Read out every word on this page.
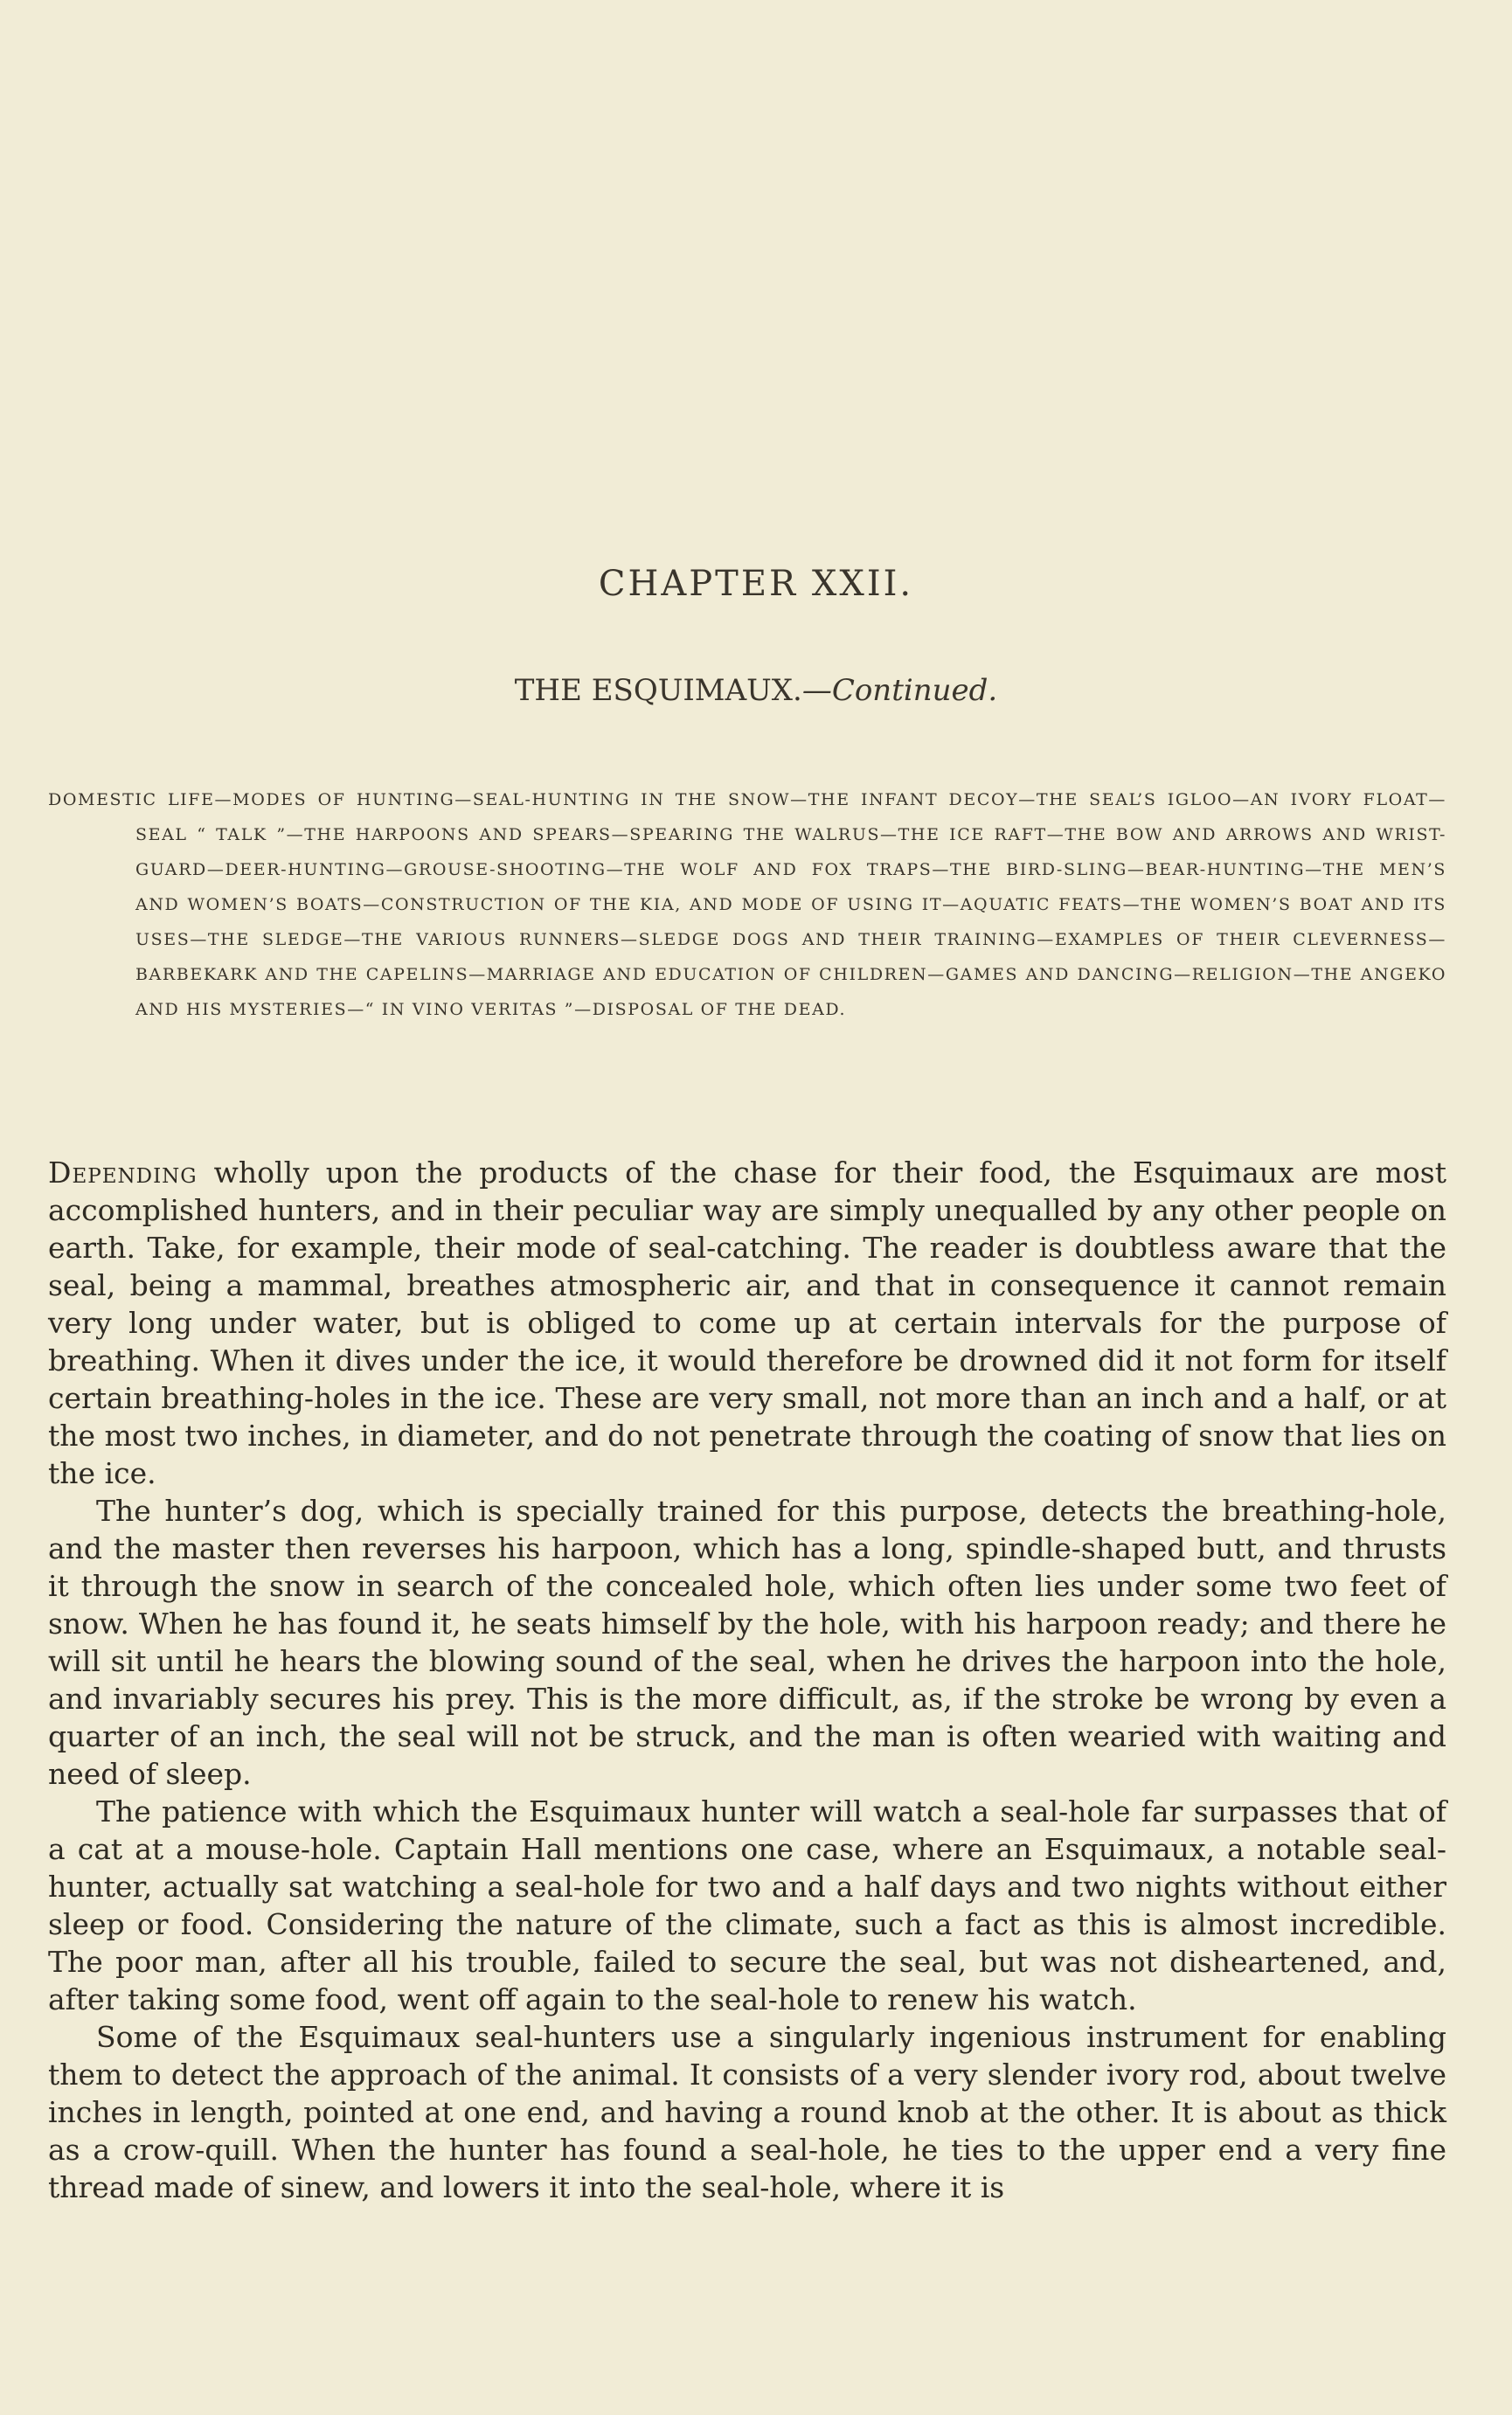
CHAPTER XXII.
THE ESQUIMAUX.—Continued.
DOMESTIC LIFE—MODES OF HUNTING—SEAL-HUNTING IN THE SNOW—THE INFANT DECOY—THE SEAL’S IGLOO—AN IVORY FLOAT—SEAL “ TALK ”—THE HARPOONS AND SPEARS—SPEARING THE WALRUS—THE ICE RAFT—THE BOW AND ARROWS AND WRIST-GUARD—DEER-HUNTING—GROUSE-SHOOTING—THE WOLF AND FOX TRAPS—THE BIRD-SLING—BEAR-HUNTING—THE MEN’S AND WOMEN’S BOATS—CONSTRUCTION OF THE KIA, AND MODE OF USING IT—AQUATIC FEATS—THE WOMEN’S BOAT AND ITS USES—THE SLEDGE—THE VARIOUS RUNNERS—SLEDGE DOGS AND THEIR TRAINING—EXAMPLES OF THEIR CLEVERNESS—BARBEKARK AND THE CAPELINS—MARRIAGE AND EDUCATION OF CHILDREN—GAMES AND DANCING—RELIGION—THE ANGEKO AND HIS MYSTERIES—“ IN VINO VERITAS ”—DISPOSAL OF THE DEAD.

Depending wholly upon the products of the chase for their food, the Esquimaux are most accomplished hunters, and in their peculiar way are simply unequalled by any other people on earth. Take, for example, their mode of seal-catching. The reader is doubtless aware that the seal, being a mammal, breathes atmospheric air, and that in consequence it cannot remain very long under water, but is obliged to come up at certain intervals for the purpose of breathing. When it dives under the ice, it would therefore be drowned did it not form for itself certain breathing-holes in the ice. These are very small, not more than an inch and a half, or at the most two inches, in diameter, and do not penetrate through the coating of snow that lies on the ice.

The hunter’s dog, which is specially trained for this purpose, detects the breathing-hole, and the master then reverses his harpoon, which has a long, spindle-shaped butt, and thrusts it through the snow in search of the concealed hole, which often lies under some two feet of snow. When he has found it, he seats himself by the hole, with his harpoon ready; and there he will sit until he hears the blowing sound of the seal, when he drives the harpoon into the hole, and invariably secures his prey. This is the more difficult, as, if the stroke be wrong by even a quarter of an inch, the seal will not be struck, and the man is often wearied with waiting and need of sleep.

The patience with which the Esquimaux hunter will watch a seal-hole far surpasses that of a cat at a mouse-hole. Captain Hall mentions one case, where an Esquimaux, a notable seal-hunter, actually sat watching a seal-hole for two and a half days and two nights without either sleep or food. Considering the nature of the climate, such a fact as this is almost incredible. The poor man, after all his trouble, failed to secure the seal, but was not disheartened, and, after taking some food, went off again to the seal-hole to renew his watch.

Some of the Esquimaux seal-hunters use a singularly ingenious instrument for enabling them to detect the approach of the animal. It consists of a very slender ivory rod, about twelve inches in length, pointed at one end, and having a round knob at the other. It is about as thick as a crow-quill. When the hunter has found a seal-hole, he ties to the upper end a very fine thread made of sinew, and lowers it into the seal-hole, where it is
